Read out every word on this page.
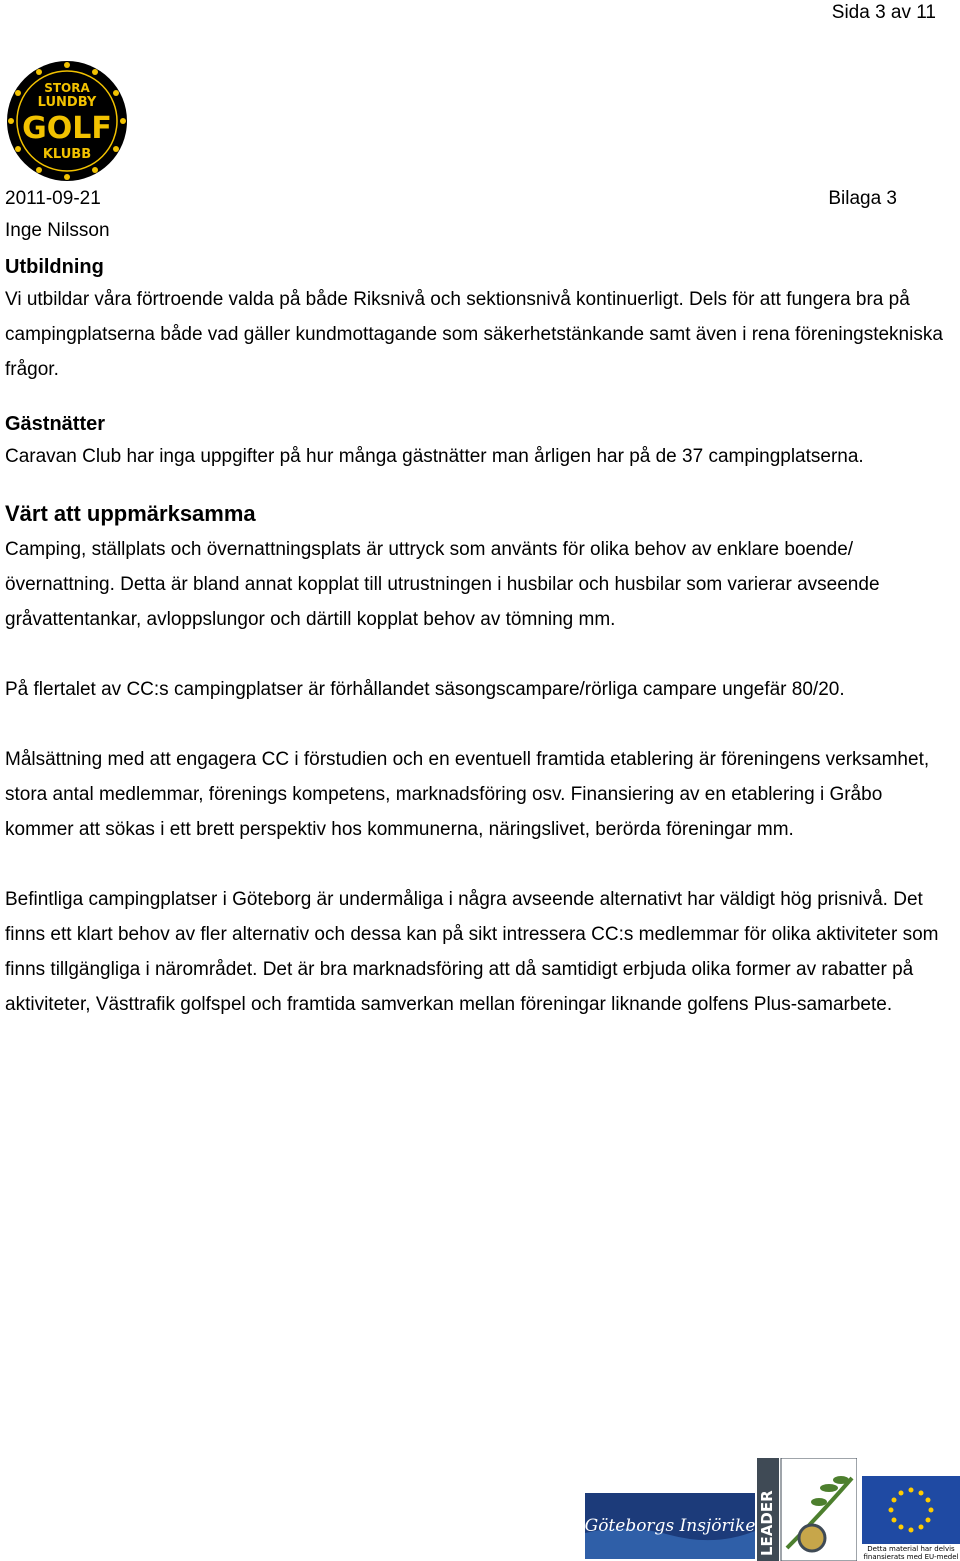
Sida 3 av 11
STORA
LUNDBY
GOLF
KLUBB
2011-09-21	Bilaga 3
Inge Nilsson
Utbildning

Vi utbildar våra förtroende valda på både Riksnivå och sektionsnivå kontinuerligt. Dels för att fungera bra på campingplatserna både vad gäller kundmottagande som säkerhetstänkande samt även i rena föreningstekniska frågor.

Gästnätter

Caravan Club har inga uppgifter på hur många gästnätter man årligen har på de 37 campingplatserna.

Värt att uppmärksamma

Camping, ställplats och övernattningsplats är uttryck som använts för olika behov av enklare boende/övernattning. Detta är bland annat kopplat till utrustningen i husbilar och husbilar som varierar avseende gråvattentankar, avloppslungor och därtill kopplat behov av tömning mm.

På flertalet av CC:s campingplatser är förhållandet säsongscampare/rörliga campare ungefär 80/20.

Målsättning med att engagera CC i förstudien och en eventuell framtida etablering är föreningens verksamhet, stora antal medlemmar, förenings kompetens, marknadsföring osv. Finansiering av en etablering i Gråbo kommer att sökas i ett brett perspektiv hos kommunerna, näringslivet, berörda föreningar mm.

Befintliga campingplatser i Göteborg är undermåliga i några avseende alternativt har väldigt hög prisnivå. Det finns ett klart behov av fler alternativ och dessa kan på sikt intressera CC:s medlemmar för olika aktiviteter som finns tillgängliga i närområdet. Det är bra marknadsföring att då samtidigt erbjuda olika former av rabatter på aktiviteter, Västtrafik golfspel och framtida samverkan mellan föreningar liknande golfens Plus-samarbete.

Göteborgs Insjörike LEADER	Detta material har delvis
finansierats med EU-medel
